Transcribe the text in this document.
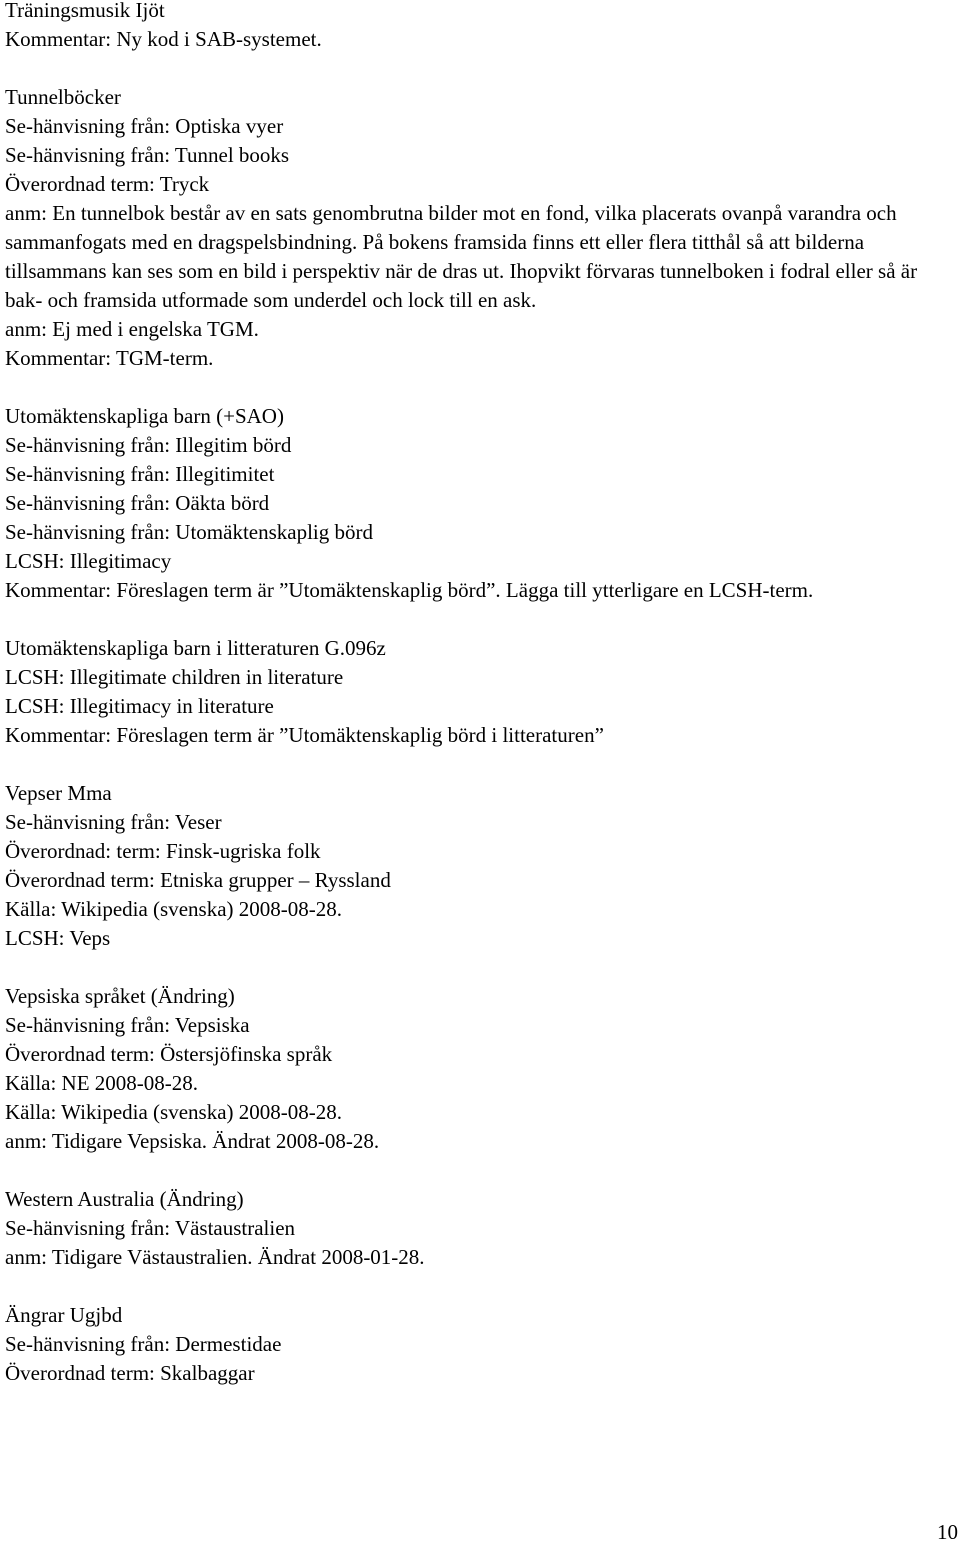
Träningsmusik Ijöt
Kommentar: Ny kod i SAB-systemet.
Tunnelböcker
Se-hänvisning från: Optiska vyer
Se-hänvisning från: Tunnel books
Överordnad term: Tryck
anm: En tunnelbok består av en sats genombrutna bilder mot en fond, vilka placerats ovanpå varandra och sammanfogats med en dragspelsbindning. På bokens framsida finns ett eller flera titthål så att bilderna tillsammans kan ses som en bild i perspektiv när de dras ut. Ihopvikt förvaras tunnelboken i fodral eller så är bak- och framsida utformade som underdel och lock till en ask.
anm: Ej med i engelska TGM.
Kommentar: TGM-term.
Utomäktenskapliga barn (+SAO)
Se-hänvisning från: Illegitim börd
Se-hänvisning från: Illegitimitet
Se-hänvisning från: Oäkta börd
Se-hänvisning från: Utomäktenskaplig börd
LCSH: Illegitimacy
Kommentar: Föreslagen term är ”Utomäktenskaplig börd”. Lägga till ytterligare en LCSH-term.
Utomäktenskapliga barn i litteraturen G.096z
LCSH: Illegitimate children in literature
LCSH: Illegitimacy in literature
Kommentar: Föreslagen term är ”Utomäktenskaplig börd i litteraturen”
Vepser Mma
Se-hänvisning från: Veser
Överordnad: term: Finsk-ugriska folk
Överordnad term: Etniska grupper – Ryssland
Källa: Wikipedia (svenska) 2008-08-28.
LCSH: Veps
Vepsiska språket (Ändring)
Se-hänvisning från: Vepsiska
Överordnad term: Östersjöfinska språk
Källa: NE 2008-08-28.
Källa: Wikipedia (svenska) 2008-08-28.
anm: Tidigare Vepsiska. Ändrat 2008-08-28.
Western Australia (Ändring)
Se-hänvisning från: Västaustralien
anm: Tidigare Västaustralien. Ändrat 2008-01-28.
Ängrar Ugjbd
Se-hänvisning från: Dermestidae
Överordnad term: Skalbaggar
10
